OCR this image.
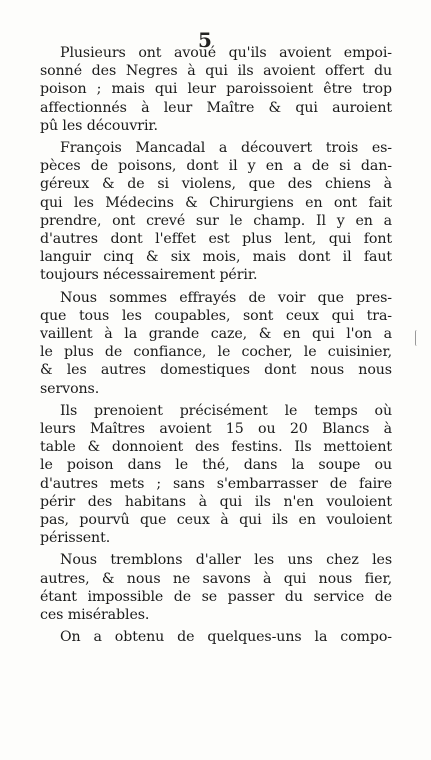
5
Plusieurs ont avoué qu'ils avoient empoi-
sonné des Negres à qui ils avoient offert du
poison ; mais qui leur paroissoient être trop
affectionnés à leur Maître & qui auroient
pû les découvrir.
François Mancadal a découvert trois es-
pèces de poisons, dont il y en a de si dan-
géreux & de si violens, que des chiens à
qui les Médecins & Chirurgiens en ont fait
prendre, ont crevé sur le champ. Il y en a
d'autres dont l'effet est plus lent, qui font
languir cinq & six mois, mais dont il faut
toujours nécessairement périr.
Nous sommes effrayés de voir que pres-
que tous les coupables, sont ceux qui tra-
vaillent à la grande caze, & en qui l'on a
le plus de confiance, le cocher, le cuisinier,
& les autres domestiques dont nous nous
servons.
Ils prenoient précisément le temps où
leurs Maîtres avoient 15 ou 20 Blancs à
table & donnoient des festins. Ils mettoient
le poison dans le thé, dans la soupe ou
d'autres mets ; sans s'embarrasser de faire
périr des habitans à qui ils n'en vouloient
pas, pourvû que ceux à qui ils en vouloient
périssent.
Nous tremblons d'aller les uns chez les
autres, & nous ne savons à qui nous fier,
étant impossible de se passer du service de
ces misérables.
On a obtenu de quelques-uns la compo-
